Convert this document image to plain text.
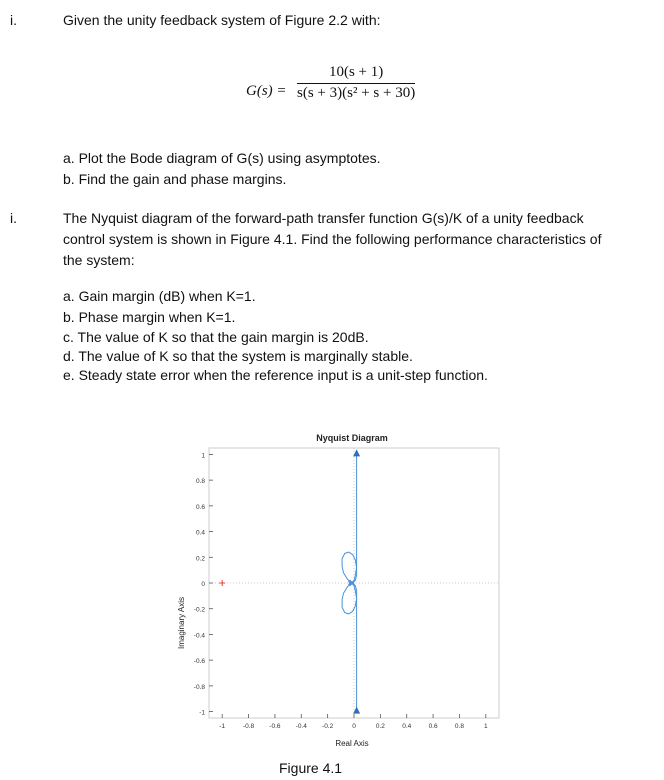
i.	Given the unity feedback system of Figure 2.2 with:
G(s) =
10(s + 1)
s(s + 3)(s² + s + 30)
a. Plot the Bode diagram of G(s) using asymptotes.
b. Find the gain and phase margins.
i.	The Nyquist diagram of the forward-path transfer function G(s)/K of a unity feedback
control system is shown in Figure 4.1. Find the following performance characteristics of
the system:
a. Gain margin (dB) when K=1.
b. Phase margin when K=1.
c. The value of K so that the gain margin is 20dB.
d. The value of K so that the system is marginally stable.
e. Steady state error when the reference input is a unit-step function.
Nyquist Diagram
Imaginary Axis
Real Axis
1
0.8
0.6
0.4
0.2
0
-0.2
-0.4
-0.6
-0.8
-1
-1	-0.8 -0.6 -0.4 -0.2	0	0.2	0.4	0.6	0.8	1
Figure 4.1
